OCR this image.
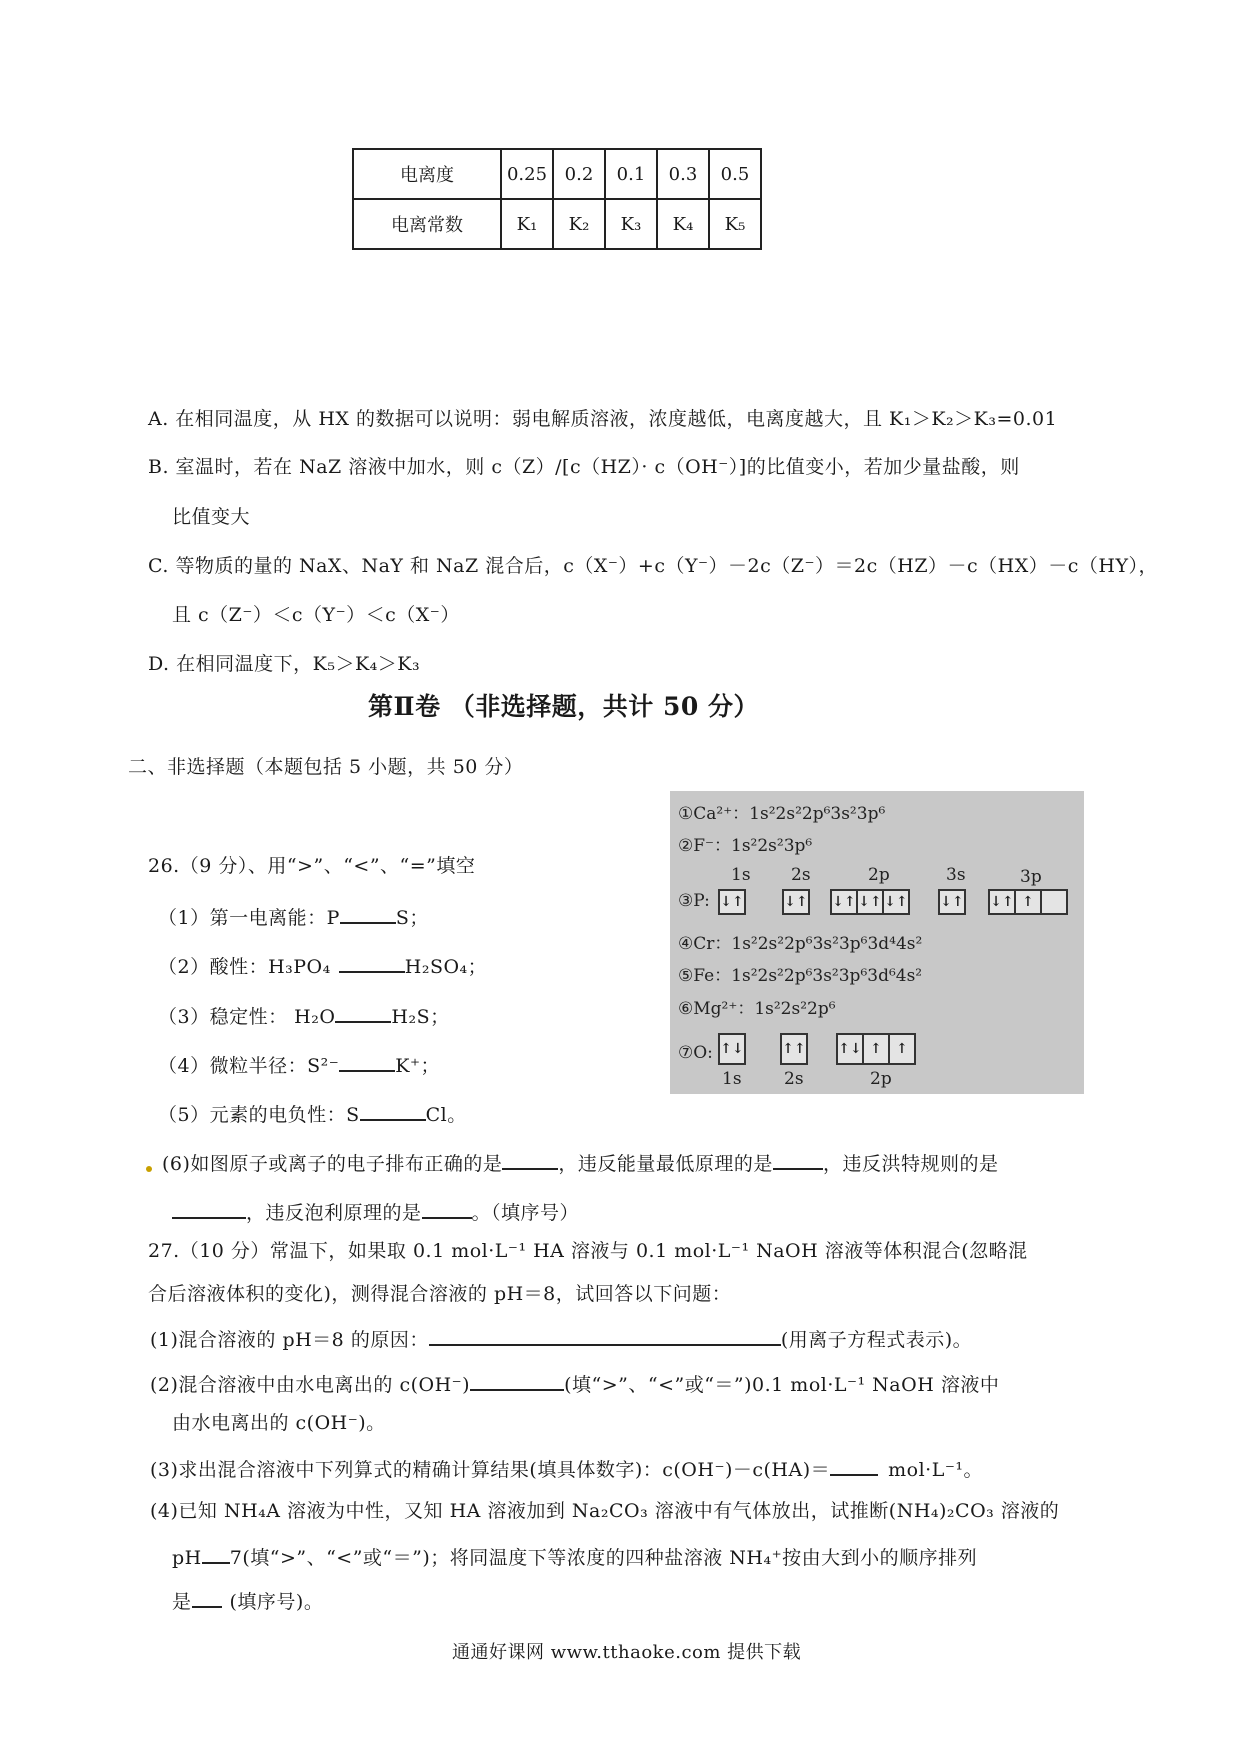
电离度	0.25	0.2	0.1	0.3	0.5
电离常数	K₁	K₂	K₃	K₄	K₅
A. 在相同温度，从 HX 的数据可以说明：弱电解质溶液，浓度越低，电离度越大，且 K₁＞K₂＞K₃=0.01
B. 室温时，若在 NaZ 溶液中加水，则 c（Z）/[c（HZ）· c（OH⁻）]的比值变小，若加少量盐酸，则
比值变大
C. 等物质的量的 NaX、NaY 和 NaZ 混合后，c（X⁻）+c（Y⁻）－2c（Z⁻）＝2c（HZ）－c（HX）－c（HY），
且 c（Z⁻）＜c（Y⁻）＜c（X⁻）
D. 在相同温度下，K₅＞K₄＞K₃
第Ⅱ卷 （非选择题，共计 50 分）
二、非选择题（本题包括 5 小题，共 50 分）
26.（9 分）、用“>”、“<”、“=”填空
（1）第一电离能：P	S；
（2）酸性：H₃PO₄	H₂SO₄；
（3）稳定性： H₂O	H₂S；
（4）微粒半径：S²⁻	K⁺；
（5）元素的电负性：S	Cl。
(6)如图原子或离子的电子排布正确的是	，违反能量最低原理的是	，违反洪特规则的是
，违反泡利原理的是	。（填序号）
①Ca²⁺：1s²2s²2p⁶3s²3p⁶
②F⁻：1s²2s²3p⁶
1s 2s	2p	3s	3p
③P: ↓↑	↓↑ ↓↑ ↓↑ ↓↑ ↓↑ ↓↑ ↑
④Cr：1s²2s²2p⁶3s²3p⁶3d⁴4s²
⑤Fe：1s²2s²2p⁶3s²3p⁶3d⁶4s²
⑥Mg²⁺：1s²2s²2p⁶
⑦O: ↑↓	↑↑ ↑↓ ↑	↑
1s 2s	2p
27.（10 分）常温下，如果取 0.1 mol·L⁻¹ HA 溶液与 0.1 mol·L⁻¹ NaOH 溶液等体积混合(忽略混
合后溶液体积的变化)，测得混合溶液的 pH＝8，试回答以下问题：
(1)混合溶液的 pH＝8 的原因：	(用离子方程式表示)。
(2)混合溶液中由水电离出的 c(OH⁻)	(填“>”、“<”或“＝”)0.1 mol·L⁻¹ NaOH 溶液中
由水电离出的 c(OH⁻)。
(3)求出混合溶液中下列算式的精确计算结果(填具体数字)：c(OH⁻)－c(HA)＝	mol·L⁻¹。
(4)已知 NH₄A 溶液为中性，又知 HA 溶液加到 Na₂CO₃ 溶液中有气体放出，试推断(NH₄)₂CO₃ 溶液的
pH 7(填“>”、“<”或“＝”)；将同温度下等浓度的四种盐溶液 NH₄⁺按由大到小的顺序排列
是 (填序号)。
通通好课网 www.tthaoke.com 提供下载
